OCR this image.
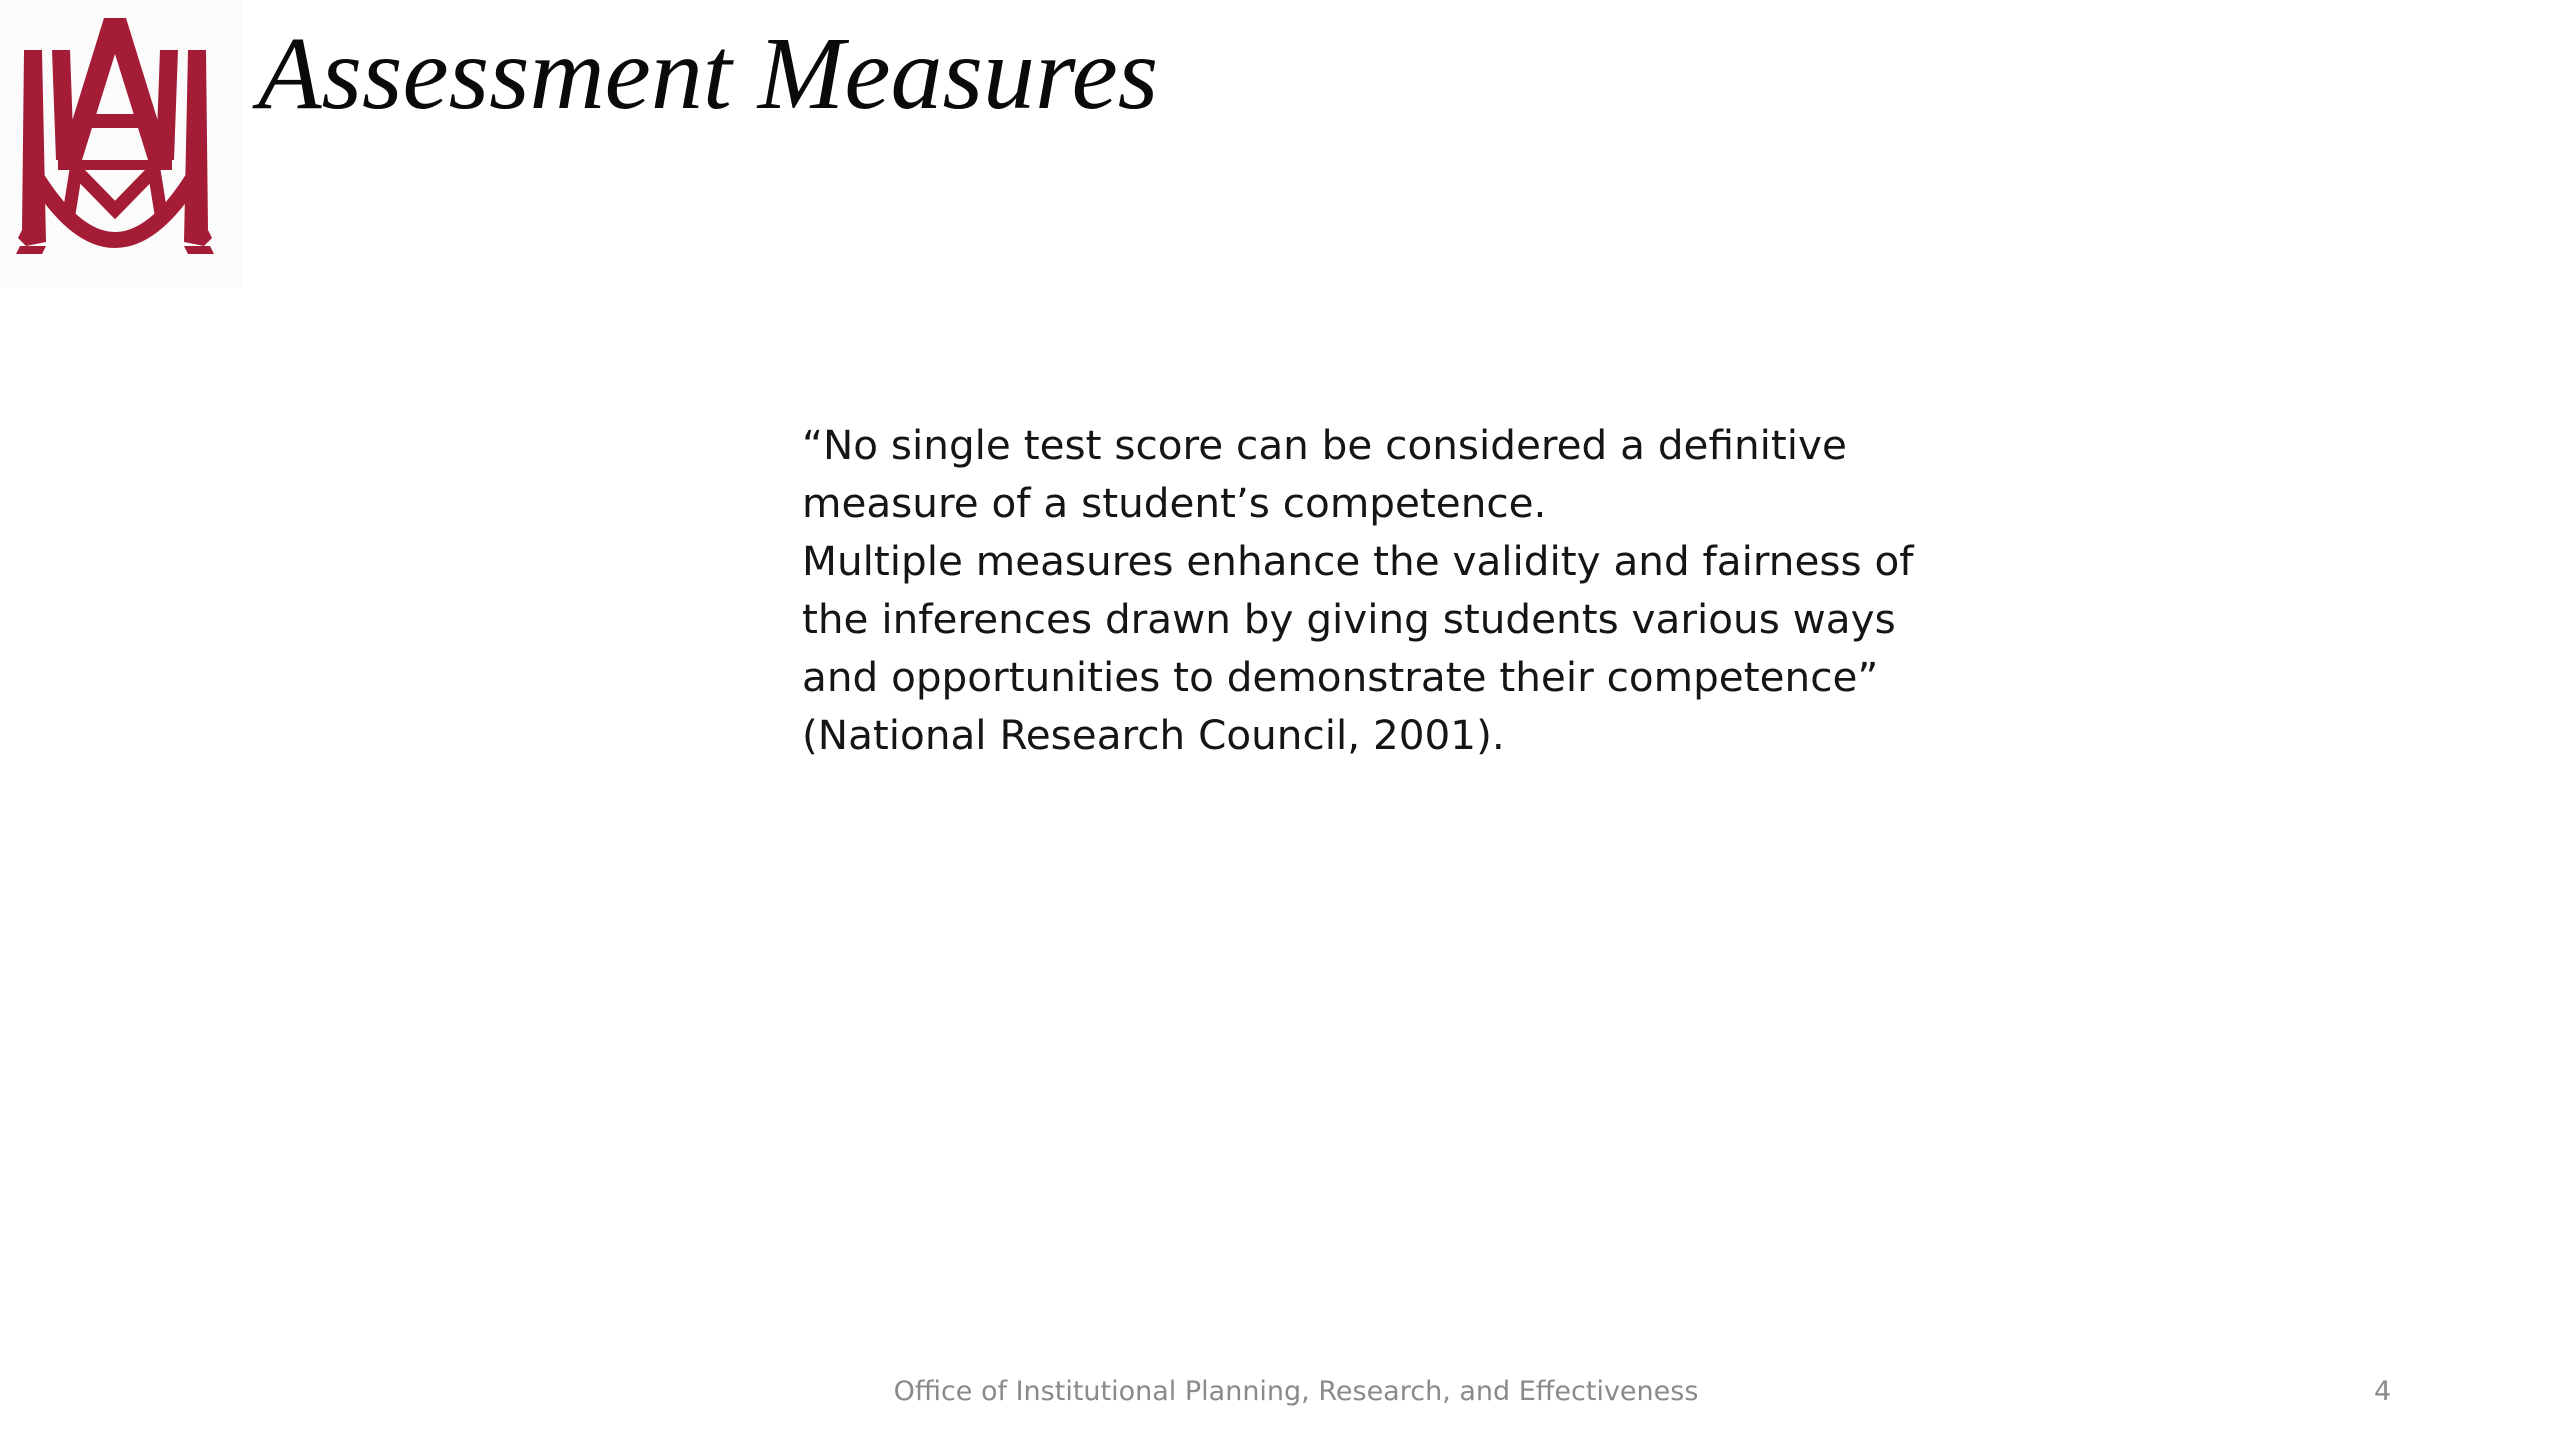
Assessment Measures
“No single test score can be considered a definitive
measure of a student’s competence.
Multiple measures enhance the validity and fairness of
the inferences drawn by giving students various ways
and opportunities to demonstrate their competence”
(National Research Council, 2001).
Office of Institutional Planning, Research, and Effectiveness	4
